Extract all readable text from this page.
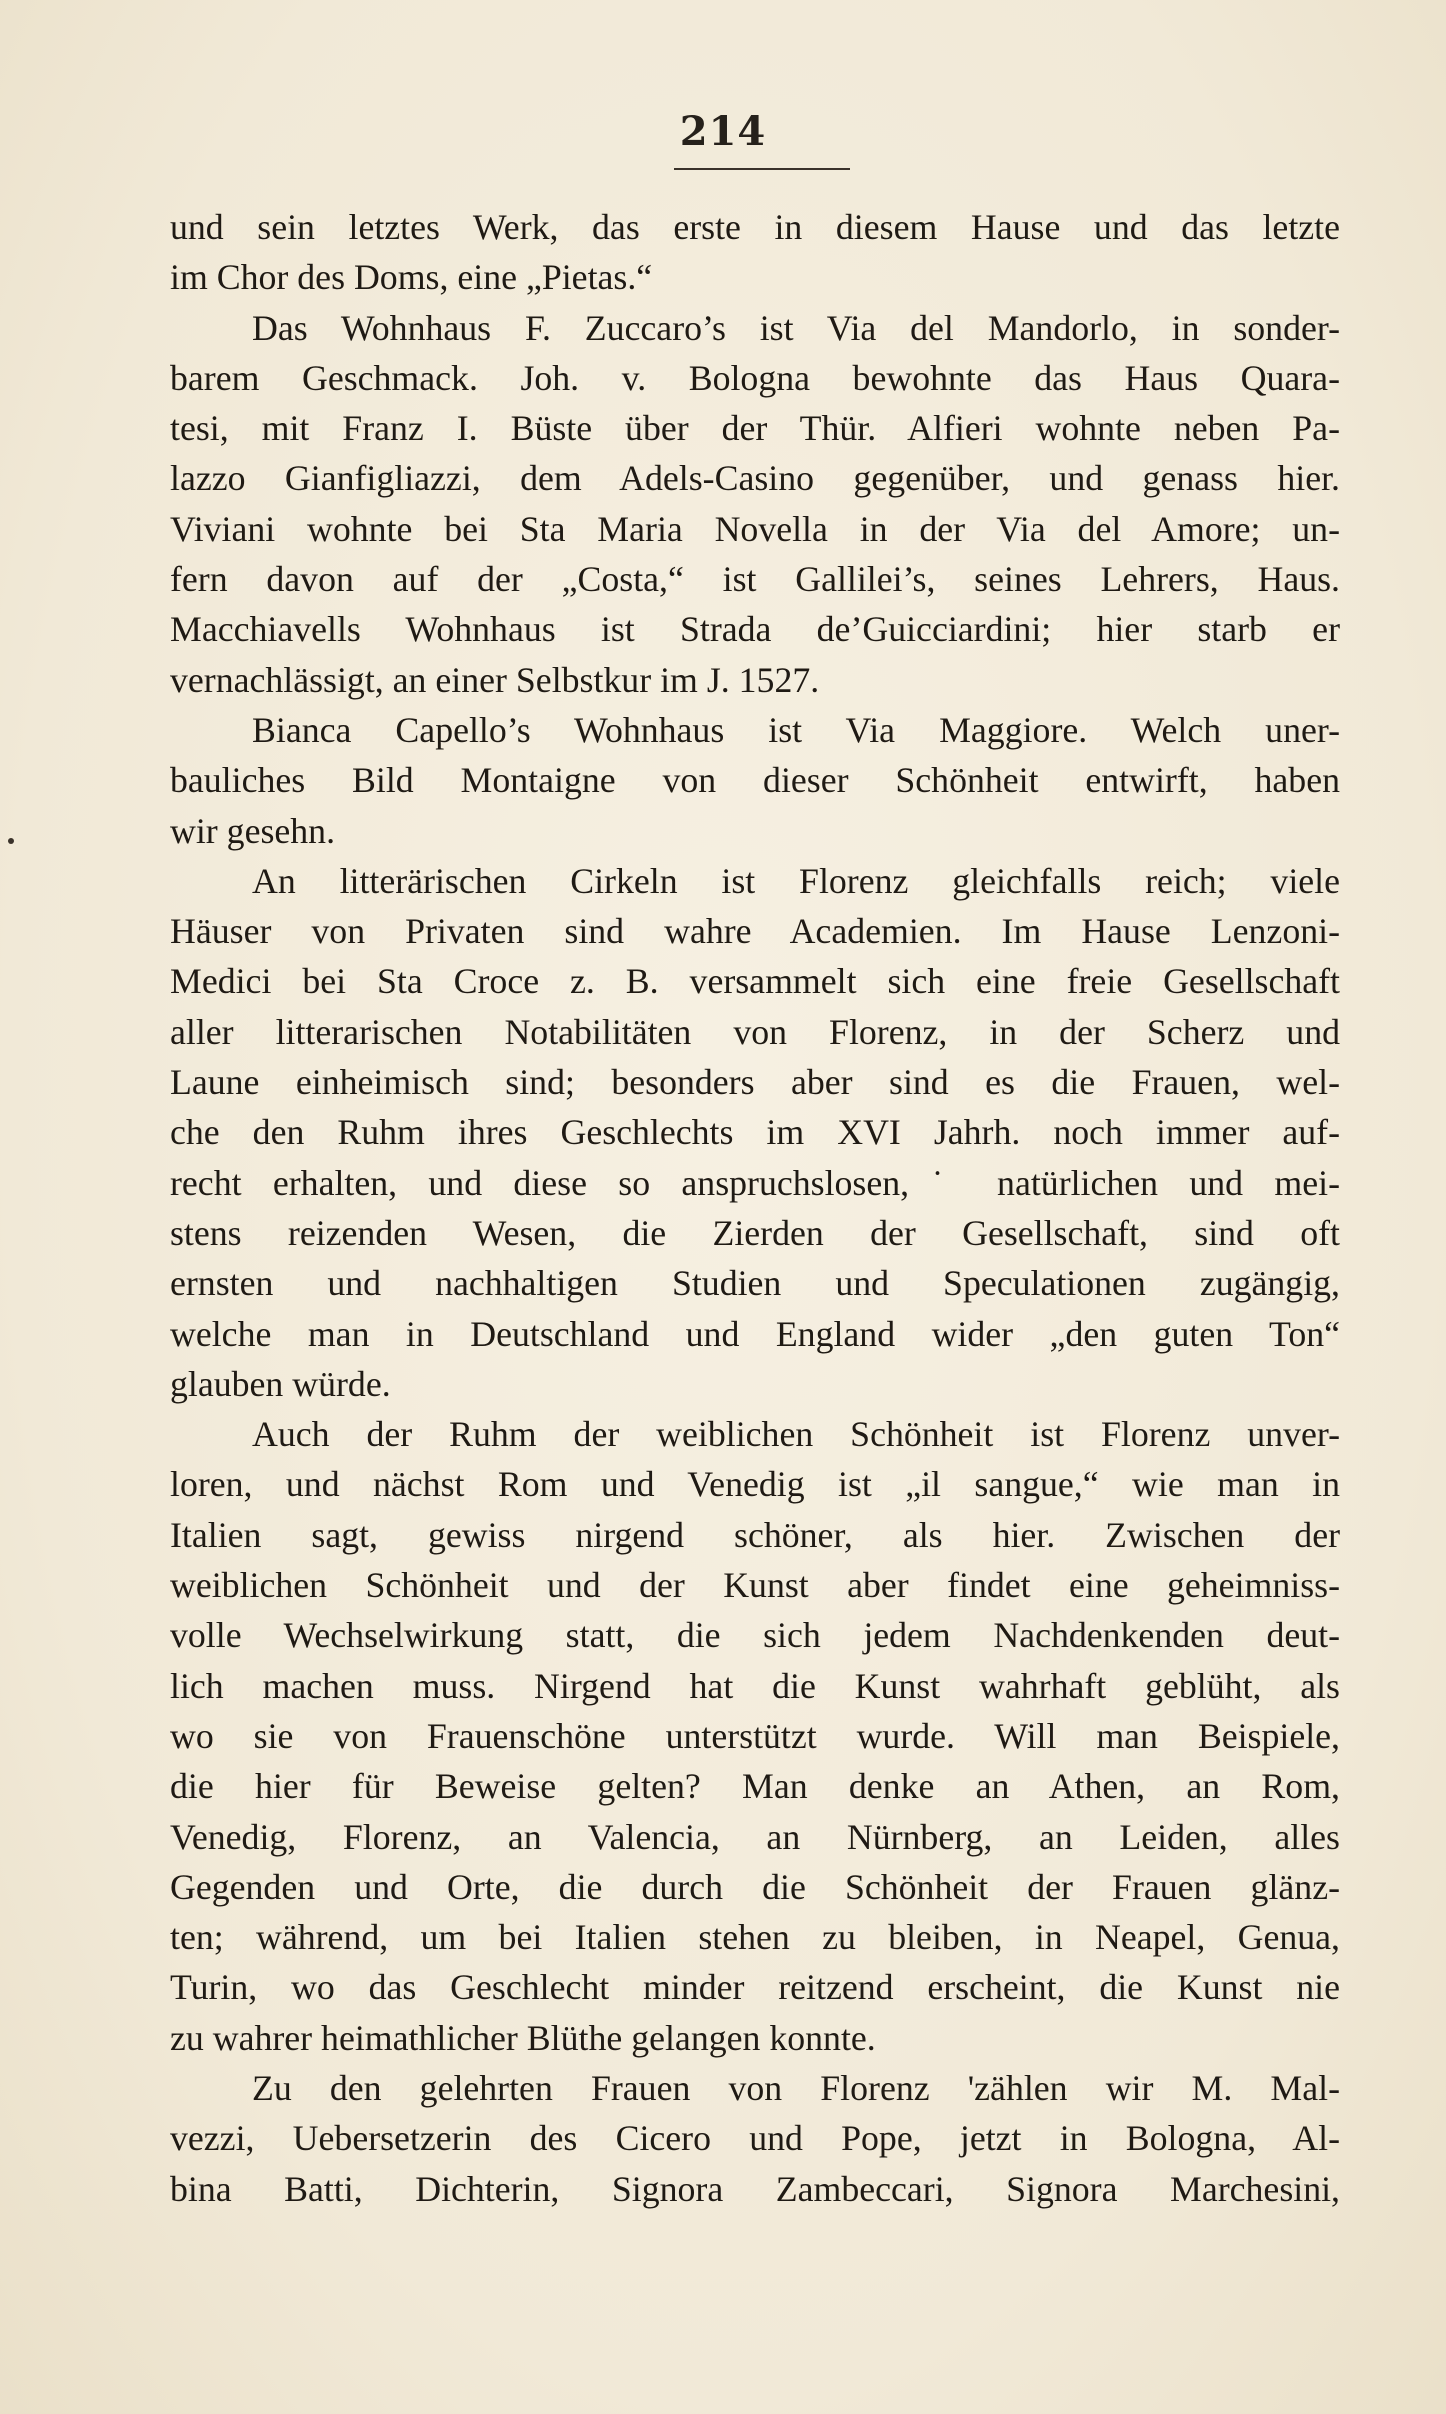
214
und sein letztes Werk, das erste in diesem Hause und das letzte
im Chor des Doms, eine „Pietas.“
Das Wohnhaus F. Zuccaro’s ist Via del Mandorlo, in sonder-
barem Geschmack. Joh. v. Bologna bewohnte das Haus Quara-
tesi, mit Franz I. Büste über der Thür. Alfieri wohnte neben Pa-
lazzo Gianfigliazzi, dem Adels-Casino gegenüber, und genass hier.
Viviani wohnte bei Sta Maria Novella in der Via del Amore; un-
fern davon auf der „Costa,“ ist Gallilei’s, seines Lehrers, Haus.
Macchiavells Wohnhaus ist Strada de’Guicciardini; hier starb er
vernachlässigt, an einer Selbstkur im J. 1527.
Bianca Capello’s Wohnhaus ist Via Maggiore. Welch uner-
bauliches Bild Montaigne von dieser Schönheit entwirft, haben
wir gesehn.
An litterärischen Cirkeln ist Florenz gleichfalls reich; viele
Häuser von Privaten sind wahre Academien. Im Hause Lenzoni-
Medici bei Sta Croce z. B. versammelt sich eine freie Gesellschaft
aller litterarischen Notabilitäten von Florenz, in der Scherz und
Laune einheimisch sind; besonders aber sind es die Frauen, wel-
che den Ruhm ihres Geschlechts im XVI Jahrh. noch immer auf-
recht erhalten, und diese so anspruchslosen,˙ natürlichen und mei-
stens reizenden Wesen, die Zierden der Gesellschaft, sind oft
ernsten und nachhaltigen Studien und Speculationen zugängig,
welche man in Deutschland und England wider „den guten Ton“
glauben würde.
Auch der Ruhm der weiblichen Schönheit ist Florenz unver-
loren, und nächst Rom und Venedig ist „il sangue,“ wie man in
Italien sagt, gewiss nirgend schöner, als hier. Zwischen der
weiblichen Schönheit und der Kunst aber findet eine geheimniss-
volle Wechselwirkung statt, die sich jedem Nachdenkenden deut-
lich machen muss. Nirgend hat die Kunst wahrhaft geblüht, als
wo sie von Frauenschöne unterstützt wurde. Will man Beispiele,
die hier für Beweise gelten? Man denke an Athen, an Rom,
Venedig, Florenz, an Valencia, an Nürnberg, an Leiden, alles
Gegenden und Orte, die durch die Schönheit der Frauen glänz-
ten; während, um bei Italien stehen zu bleiben, in Neapel, Genua,
Turin, wo das Geschlecht minder reitzend erscheint, die Kunst nie
zu wahrer heimathlicher Blüthe gelangen konnte.
Zu den gelehrten Frauen von Florenz 'zählen wir M. Mal-
vezzi, Uebersetzerin des Cicero und Pope, jetzt in Bologna, Al-
bina Batti, Dichterin, Signora Zambeccari, Signora Marchesini,
